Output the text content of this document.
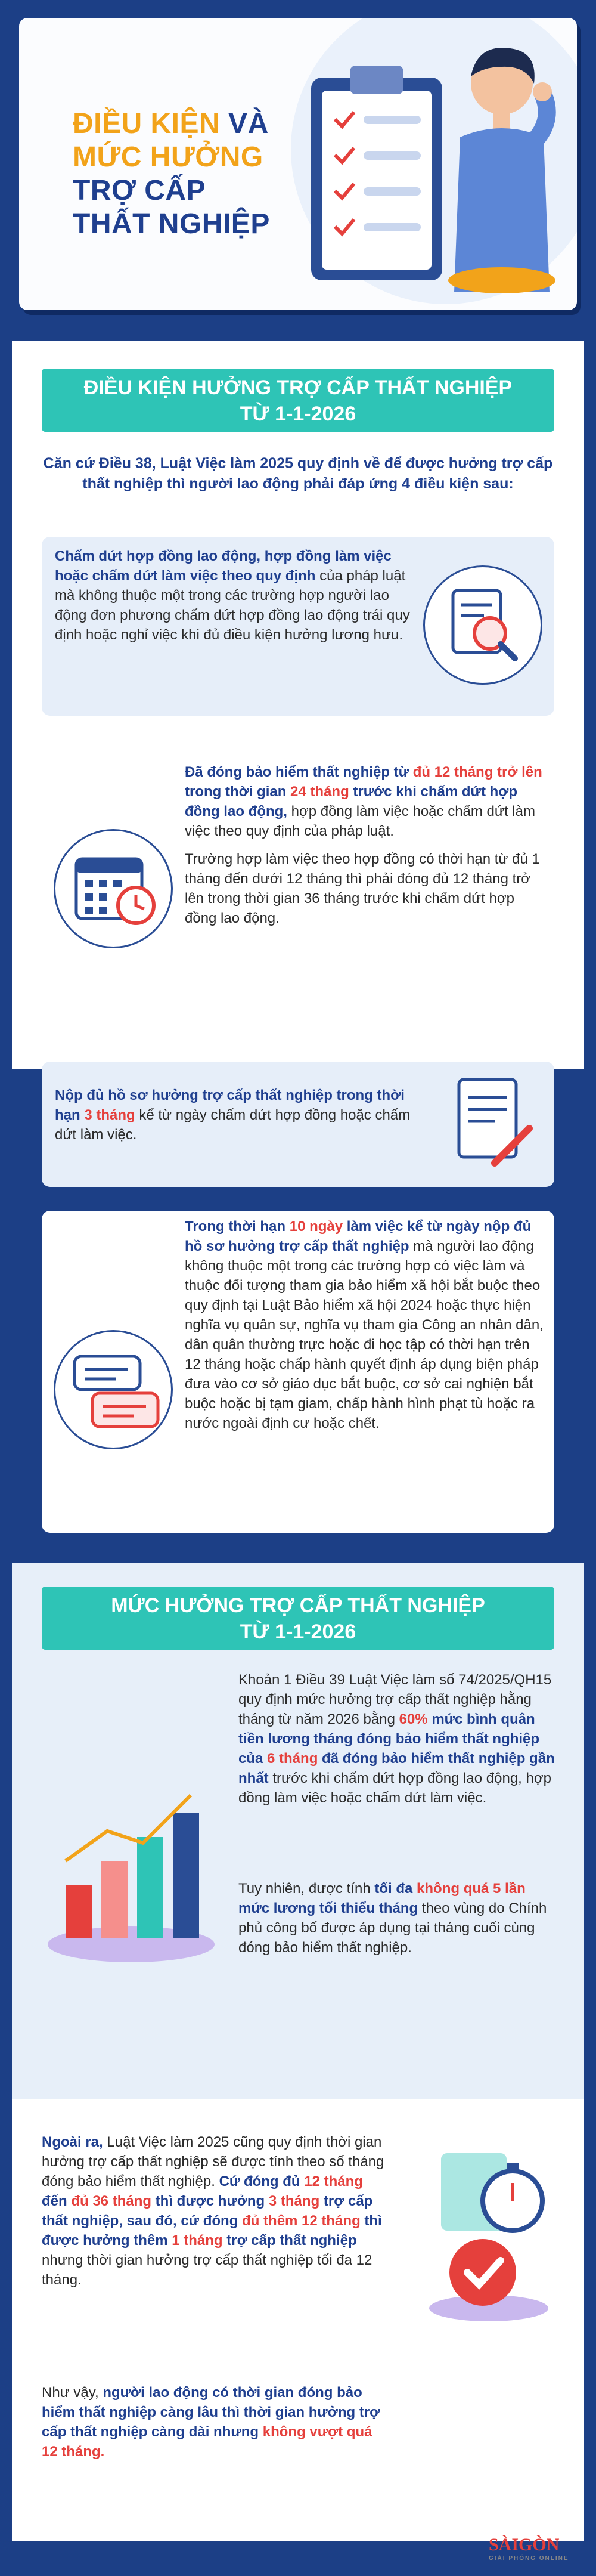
ĐIỀU KIỆN VÀ
MỨC HƯỞNG
TRỢ CẤP
THẤT NGHIỆP
ĐIỀU KIỆN HƯỞNG TRỢ CẤP THẤT NGHIỆP
TỪ 1-1-2026
Căn cứ Điều 38, Luật Việc làm 2025 quy định về để được hưởng trợ cấp thất nghiệp thì người lao động phải đáp ứng 4 điều kiện sau:
Chấm dứt hợp đồng lao động, hợp đồng làm việc hoặc chấm dứt làm việc theo quy định của pháp luật mà không thuộc một trong các trường hợp người lao động đơn phương chấm dứt hợp đồng lao động trái quy định hoặc nghỉ việc khi đủ điều kiện hưởng lương hưu.
Đã đóng bảo hiểm thất nghiệp từ đủ 12 tháng trở lên trong thời gian 24 tháng trước khi chấm dứt hợp đồng lao động, hợp đồng làm việc hoặc chấm dứt làm việc theo quy định của pháp luật.
Trường hợp làm việc theo hợp đồng có thời hạn từ đủ 1 tháng đến dưới 12 tháng thì phải đóng đủ 12 tháng trở lên trong thời gian 36 tháng trước khi chấm dứt hợp đồng lao động.
Nộp đủ hồ sơ hưởng trợ cấp thất nghiệp trong thời hạn 3 tháng kể từ ngày chấm dứt hợp đồng hoặc chấm dứt làm việc.
Trong thời hạn 10 ngày làm việc kể từ ngày nộp đủ hồ sơ hưởng trợ cấp thất nghiệp mà người lao động không thuộc một trong các trường hợp có việc làm và thuộc đối tượng tham gia bảo hiểm xã hội bắt buộc theo quy định tại Luật Bảo hiểm xã hội 2024 hoặc thực hiện nghĩa vụ quân sự, nghĩa vụ tham gia Công an nhân dân, dân quân thường trực hoặc đi học tập có thời hạn trên 12 tháng hoặc chấp hành quyết định áp dụng biện pháp đưa vào cơ sở giáo dục bắt buộc, cơ sở cai nghiện bắt buộc hoặc bị tạm giam, chấp hành hình phạt tù hoặc ra nước ngoài định cư hoặc chết.
MỨC HƯỞNG TRỢ CẤP THẤT NGHIỆP
TỪ 1-1-2026
Khoản 1 Điều 39 Luật Việc làm số 74/2025/QH15 quy định mức hưởng trợ cấp thất nghiệp hằng tháng từ năm 2026 bằng 60% mức bình quân tiền lương tháng đóng bảo hiểm thất nghiệp của 6 tháng đã đóng bảo hiểm thất nghiệp gần nhất trước khi chấm dứt hợp đồng lao động, hợp đồng làm việc hoặc chấm dứt làm việc.
Tuy nhiên, được tính tối đa không quá 5 lần mức lương tối thiểu tháng theo vùng do Chính phủ công bố được áp dụng tại tháng cuối cùng đóng bảo hiểm thất nghiệp.
Ngoài ra, Luật Việc làm 2025 cũng quy định thời gian hưởng trợ cấp thất nghiệp sẽ được tính theo số tháng đóng bảo hiểm thất nghiệp. Cứ đóng đủ 12 tháng đến đủ 36 tháng thì được hưởng 3 tháng trợ cấp thất nghiệp, sau đó, cứ đóng đủ thêm 12 tháng thì được hưởng thêm 1 tháng trợ cấp thất nghiệp nhưng thời gian hưởng trợ cấp thất nghiệp tối đa 12 tháng.
Như vậy, người lao động có thời gian đóng bảo hiểm thất nghiệp càng lâu thì thời gian hưởng trợ cấp thất nghiệp càng dài nhưng không vượt quá 12 tháng.
SÀIGÒN
GIẢI PHÓNG ONLINE
